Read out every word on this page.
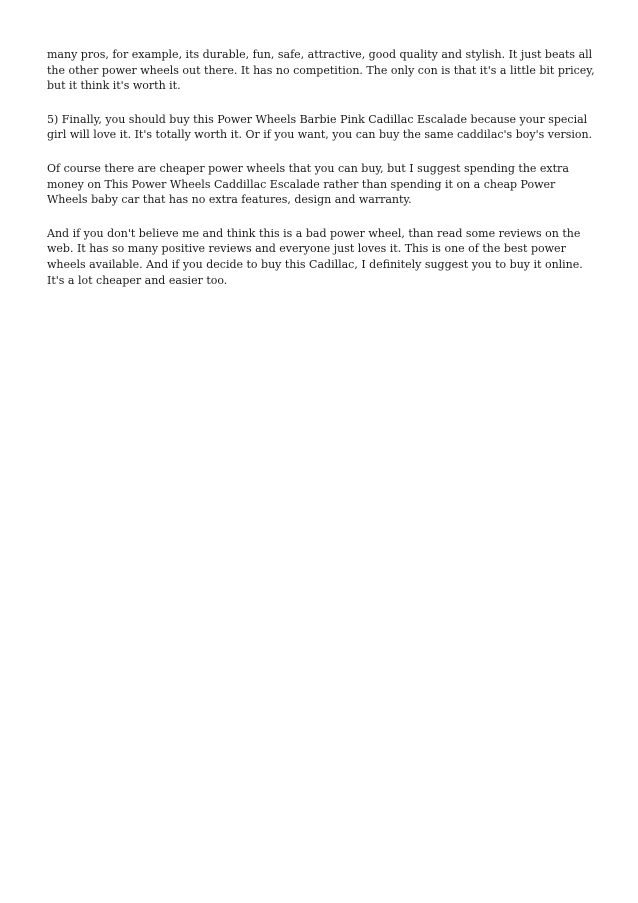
many pros, for example, its durable, fun, safe, attractive, good quality and stylish. It just beats all the other power wheels out there. It has no competition. The only con is that it's a little bit pricey, but it think it's worth it.

5) Finally, you should buy this Power Wheels Barbie Pink Cadillac Escalade because your special girl will love it. It's totally worth it. Or if you want, you can buy the same caddilac's boy's version.

Of course there are cheaper power wheels that you can buy, but I suggest spending the extra money on This Power Wheels Caddillac Escalade rather than spending it on a cheap Power Wheels baby car that has no extra features, design and warranty.

And if you don't believe me and think this is a bad power wheel, than read some reviews on the web. It has so many positive reviews and everyone just loves it. This is one of the best power wheels available. And if you decide to buy this Cadillac, I definitely suggest you to buy it online. It's a lot cheaper and easier too.
